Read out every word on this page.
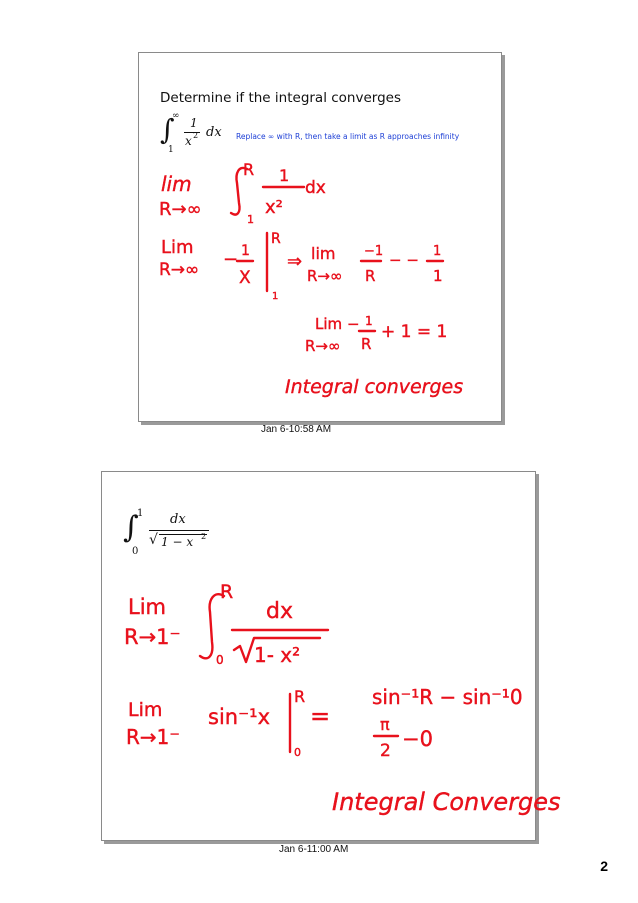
Determine if the integral converges
∫
∞
1
1
x 2 dx Replace ∞ with R, then take a limit as R approaches infinity
lim
R→∞
R
1
1
x²
dx
Lim
R→∞ − 1
X
R
1
⇒ lim
R→∞
−1
R
− − 1
1
Lim
R→∞
− 1
R
+ 1 = 1
Integral converges
Jan 6-10:58 AM
∫
1
0
dx
√ 1 − x 2
Lim
R→1⁻
R
0
dx
1- x²
Lim
R→1⁻
sin⁻¹x
R
0
=
sin⁻¹R − sin⁻¹0
π
2 −0
Integral Converges
Jan 6-11:00 AM
2
